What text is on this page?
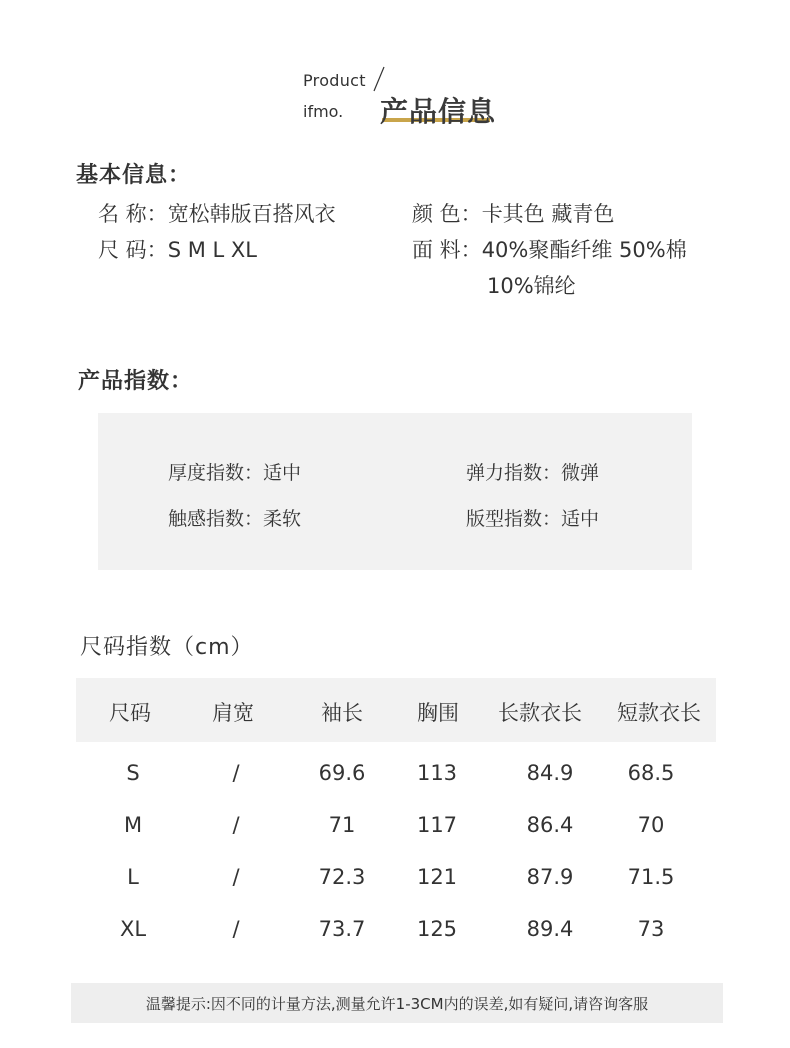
Product
ifmo. 产品信息
基本信息：
名 称：宽松韩版百搭风衣	颜 色：卡其色 藏青色
尺 码：S M L XL	面 料：40%聚酯纤维 50%棉
10%锦纶
产品指数：
厚度指数：适中	弹力指数：微弹
触感指数：柔软	版型指数：适中
尺码指数（cm）
尺码	肩宽	袖长	胸围 长款衣长 短款衣长
S	/	69.6 113	84.9	68.5
M	/	71	117	86.4	70
L	/	72.3 121	87.9	71.5
XL	/	73.7 125	89.4	73
温馨提示:因不同的计量方法,测量允许1-3CM内的误差,如有疑问,请咨询客服
